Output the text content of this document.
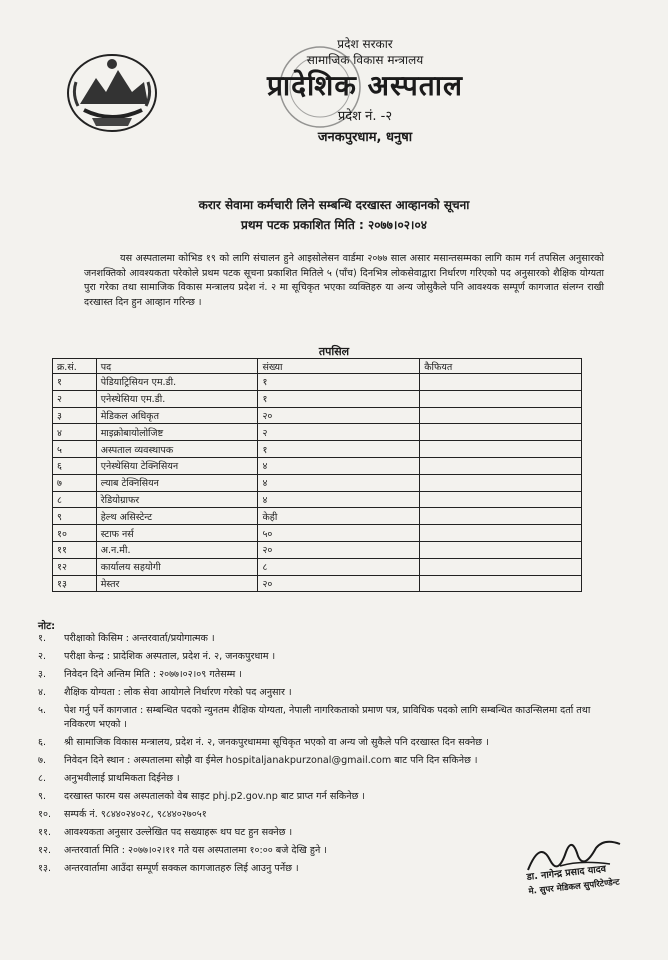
प्रदेश सरकार
सामाजिक विकास मन्त्रालय
प्रादेशिक अस्पताल
प्रदेश नं. -२
जनकपुरधाम, धनुषा
करार सेवामा कर्मचारी लिने सम्बन्धि दरखास्त आव्हानको सूचना
प्रथम पटक प्रकाशित मिति : २०७७।०२।०४
यस अस्पतालमा कोभिड १९ को लागि संचालन हुने आइसोलेसन वार्डमा २०७७ साल असार मसान्तसम्मका लागि काम गर्न तपसिल अनुसारको जनशक्तिको आवश्यकता परेकोले प्रथम पटक सूचना प्रकाशित मितिले ५ (पाँच) दिनभित्र लोकसेवाद्वारा निर्धारण गरिएको पद अनुसारको शैक्षिक योग्यता पुरा गरेका तथा सामाजिक विकास मन्त्रालय प्रदेश नं. २ मा सूचिकृत भएका व्यक्तिहरु या अन्य जोसुकैले पनि आवश्यक सम्पूर्ण कागजात संलग्न राखी दरखास्त दिन हुन आव्हान गरिन्छ ।
तपसिल
क्र.सं.	पद	संख्या	कैफियत
१	पेडियाट्रिसियन एम.डी.	१	
२	एनेस्थेसिया एम.डी.	१	
३	मेडिकल अधिकृत	२०	
४	माइक्रोबायोलोजिष्ट	२	
५	अस्पताल व्यवस्थापक	१	
६	एनेस्थेसिया टेक्निसियन	४	
७	ल्याब टेक्निसियन	४	
८	रेडियोग्राफर	४	
९	हेल्थ असिस्टेन्ट	केही	
१०	स्टाफ नर्स	५०	
११	अ.न.मी.	२०	
१२	कार्यालय सहयोगी	८	
१३	मेस्तर	२०	
नोट:
१.	परीक्षाको किसिम : अन्तरवार्ता/प्रयोगात्मक ।
२.	परीक्षा केन्द्र : प्रादेशिक अस्पताल, प्रदेश नं. २, जनकपुरधाम ।
३.	निवेदन दिने अन्तिम मिति : २०७७।०२।०९ गतेसम्म ।
४.	शैक्षिक योग्यता : लोक सेवा आयोगले निर्धारण गरेको पद अनुसार ।
५.	पेश गर्नु पर्ने कागजात : सम्बन्धित पदको न्युनतम शैक्षिक योग्यता, नेपाली नागरिकताको प्रमाण पत्र, प्राविधिक पदको लागि सम्बन्धित काउन्सिलमा दर्ता तथा नविकरण भएको ।
६.	श्री सामाजिक विकास मन्त्रालय, प्रदेश नं. २, जनकपुरधाममा सूचिकृत भएको वा अन्य जो सुकैले पनि दरखास्त दिन सक्नेछ ।
७.	निवेदन दिने स्थान : अस्पतालमा सोझै वा ईमेल hospitaljanakpurzonal@gmail.com बाट पनि दिन सकिनेछ ।
८.	अनुभवीलाई प्राथमिकता दिईनेछ ।
९.	दरखास्त फारम यस अस्पतालको वेब साइट phj.p2.gov.np बाट प्राप्त गर्न सकिनेछ ।
१०.	सम्पर्क नं. ९८४४०२४०२८, ९८४४०२७०५१
११.	आवश्यकता अनुसार उल्लेखित पद सख्याहरू थप घट हुन सक्नेछ ।
१२.	अन्तरवार्ता मिति : २०७७।०२।११ गते यस अस्पतालमा १०:०० बजे देखि हुने ।
१३.	अन्तरवार्तामा आउँदा सम्पूर्ण सक्कल कागजातहरु लिई आउनु पर्नेछ ।	डा. नागेन्द्र प्रसाद यादव
मे. सुपर मेडिकल सुपरिटेण्डेन्ट
